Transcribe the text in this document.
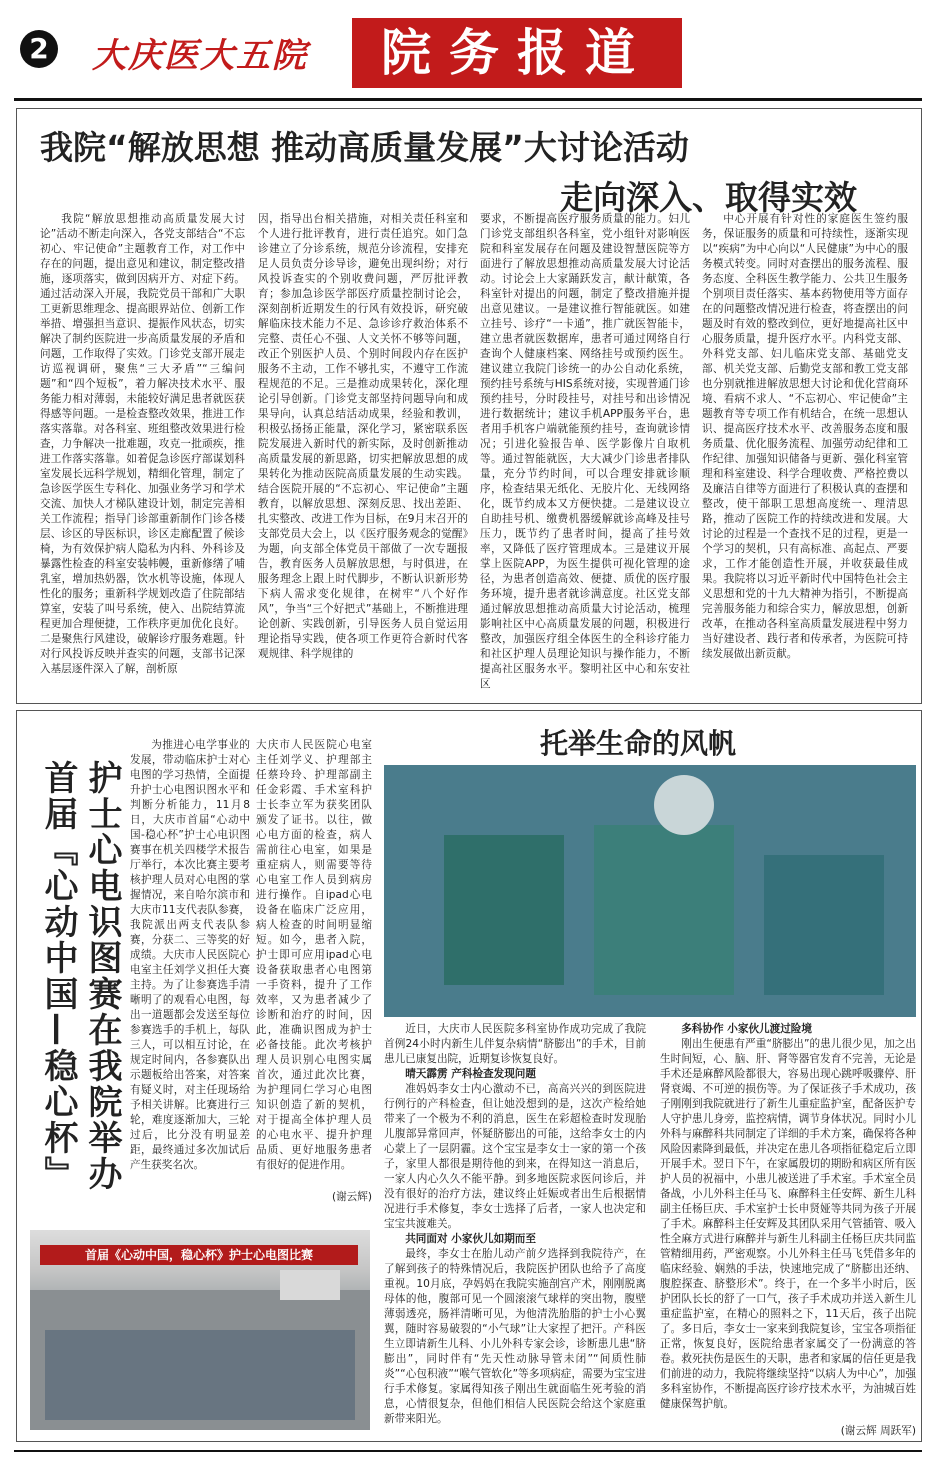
2 大庆医大五院	院务报道
我院“解放思想 推动高质量发展”大讨论活动
走向深入、取得实效

我院“解放思想推动高质量发展大讨论”活动不断走向深入，各党支部结合“不忘初心、牢记使命”主题教育工作，对工作中存在的问题，提出意见和建议，制定整改措施，逐项落实，做到因病开方、对症下药。通过活动深入开展，我院党员干部和广大职工更新思维理念、提高眼界站位、创新工作举措、增强担当意识、提振作风状态，切实解决了制约医院进一步高质量发展的矛盾和问题，工作取得了实效。门诊党支部开展走访巡视调研，聚焦“三大矛盾”“三编问题”和“四个短板”，着力解决技术水平、服务能力相对薄弱，未能较好满足患者就医获得感等问题。一是检查整改效果，推进工作落实落靠。对各科室、班组整改效果进行检查，力争解决一批难题，攻克一批顽疾，推进工作落实落靠。如着促急诊医疗部谋划科室发展长远科学规划，精细化管理，制定了急诊医学医生专科化、加强业务学习和学术交流、加快人才梯队建设计划，制定完善相关工作流程；指导门诊部重新制作门诊各楼层、诊区的导医标识，诊区走廊配置了候诊椅，为有效保护病人隐私为内科、外科诊及暴露性检查的科室安装帏幔，重新修缮了哺乳室，增加热奶器，饮水机等设施，体现人性化的服务；重新科学规划改造了住院部结算室，安装了叫号系统，使入、出院结算流程更加合理便捷，工作秩序更加优化良好。二是聚焦行风建设，破解诊疗服务难题。针对行风投诉反映并查实的问题，支部书记深入基层逐件深入了解，剖析原

因，指导出台相关措施，对相关责任科室和个人进行批评教育，进行责任追究。如门急诊建立了分诊系统，规范分诊流程，安排充足人员负责分诊导诊，避免出现纠纷；对行风投诉查实的个别收费问题，严厉批评教育；参加急诊医学部医疗质量控制讨论会，深刻剖析近期发生的行风有效投诉，研究破解临床技术能力不足、急诊诊疗救治体系不完整、责任心不强、人文关怀不够等问题，改正个别医护人员、个别时间段内存在医护服务不主动，工作不够扎实，不遵守工作流程规范的不足。三是推动成果转化，深化理论引导创新。门诊党支部坚持问题导向和成果导向，认真总结活动成果，经验和教训，积极弘扬扬正能量，深化学习，紧密联系医院发展进入新时代的新实际，及时创新推动高质量发展的新思路，切实把解放思想的成果转化为推动医院高质量发展的生动实践。结合医院开展的“不忘初心、牢记使命”主题教育，以解放思想、深刻反思、找出差距、扎实整改、改进工作为目标，在9月末召开的支部党员大会上，以《医疗服务观念的觉醒》为题，向支部全体党员干部做了一次专题报告，教育医务人员解放思想，与时俱进，在服务理念上跟上时代脚步，不断认识新形势下病人需求变化规律，在树牢“八个好作风”，争当“三个好把式”基础上，不断推进理论创新、实践创新，引导医务人员自觉运用理论指导实践，使各项工作更符合新时代客观规律、科学规律的

要求，不断提高医疗服务质量的能力。妇儿门诊党支部组织各科室，党小组针对影响医院和科室发展存在问题及建设智慧医院等方面进行了解放思想推动高质量发展大讨论活动。讨论会上大家踊跃发言，献计献策，各科室针对提出的问题，制定了整改措施并提出意见建议。一是建议推行智能就医。如建立挂号、诊疗“一卡通”，推广就医智能卡，建立患者就医数据库，患者可通过网络自行查询个人健康档案、网络挂号或预约医生。建议建立我院门诊统一的办公自动化系统，预约挂号系统与HIS系统对接，实现普通门诊预约挂号，分时段挂号，对挂号和出诊情况进行数据统计；建议手机APP服务平台，患者用手机客户端就能预约挂号，查询就诊情况；引进化验报告单、医学影像片自取机等。通过智能就医，大大减少门诊患者排队量，充分节约时间，可以合理安排就诊顺序，检查结果无纸化、无胶片化、无线网络化，既节约成本又方便快捷。二是建议设立自助挂号机、缴费机器缓解就诊高峰及挂号压力，既节约了患者时间，提高了挂号效率，又降低了医疗管理成本。三是建议开展掌上医院APP，为医生提供可视化管理的途径，为患者创造高效、便捷、质优的医疗服务环境，提升患者就诊满意度。社区党支部通过解放思想推动高质量大讨论活动，梳理影响社区中心高质量发展的问题，积极进行整改，加强医疗组全体医生的全科诊疗能力和社区护理人员理论知识与操作能力，不断提高社区服务水平。黎明社区中心和东安社区

中心开展有针对性的家庭医生签约服务，保证服务的质量和可持续性，逐渐实现以“疾病”为中心向以“人民健康”为中心的服务模式转变。同时对查摆出的服务流程、服务态度、全科医生教学能力、公共卫生服务个别项目责任落实、基本药物使用等方面存在的问题整改情况进行检查，将查摆出的问题及时有效的整改到位，更好地提高社区中心服务质量，提升医疗水平。内科党支部、外科党支部、妇儿临床党支部、基础党支部、机关党支部、后勤党支部和教工党支部也分别就推进解放思想大讨论和优化营商环境、看病不求人、“不忘初心、牢记使命”主题教育等专项工作有机结合，在统一思想认识、提高医疗技术水平、改善服务态度和服务质量、优化服务流程、加强劳动纪律和工作纪律、加强知识储备与更新、强化科室管理和科室建设、科学合理收费、严格控费以及廉洁自律等方面进行了积极认真的查摆和整改，使干部职工思想高度统一、理清思路，推动了医院工作的持续改进和发展。大讨论的过程是一个查找不足的过程，更是一个学习的契机，只有高标准、高起点、严要求，工作才能创造性开展，并收获最佳成果。我院将以习近平新时代中国特色社会主义思想和党的十九大精神为指引，不断提高完善服务能力和综合实力，解放思想，创新改革，在推动各科室高质量发展进程中努力当好建设者、践行者和传承者，为医院可持续发展做出新贡献。

护士心电识图赛在我院举办首届『心动中国—稳心杯』

为推进心电学事业的发展，带动临床护士对心电图的学习热情，全面提升护士心电图识图水平和判断分析能力，11月8日，大庆市首届“心动中国-稳心杯”护士心电识图赛事在机关四楼学术报告厅举行，本次比赛主要考核护理人员对心电图的掌握情况，来自哈尔滨市和大庆市11支代表队参赛，我院派出两支代表队参赛，分获二、三等奖的好成绩。大庆市人民医院心电室主任刘学义担任大赛主持。为了让参赛选手清晰明了的观看心电图，每出一道题都会发送至每位参赛选手的手机上，每队三人，可以相互讨论，在规定时间内，各参赛队出示题板给出答案，对答案有疑义时，对主任现场给予相关讲解。比赛进行三轮，难度逐渐加大，三轮过后，比分没有明显差距，最终通过多次加试后产生获奖名次。

大庆市人民医院心电室主任刘学义、护理部主任蔡玲玲、护理部副主任金彩霞、手术室科护士长李立军为获奖团队颁发了证书。以往，做心电方面的检查，病人需前往心电室，如果是重症病人，则需要等待心电室工作人员到病房进行操作。自ipad心电设备在临床广泛应用，病人检查的时间明显缩短。如今，患者入院，护士即可应用ipad心电设备获取患者心电图第一手资料，提升了工作效率，又为患者减少了诊断和治疗的时间，因此，准确识图成为护士必备技能。此次考核护理人员识别心电图实属首次，通过此次比赛，为护理同仁学习心电图知识创造了新的契机，对于提高全体护理人员的心电水平、提升护理品质、更好地服务患者有很好的促进作用。

(谢云辉)
首届《心动中国，稳心杯》护士心电图比赛
托举生命的风帆

近日，大庆市人民医院多科室协作成功完成了我院首例24小时内新生儿伴复杂病情“脐膨出”的手术，目前患儿已康复出院，近期复诊恢复良好。

晴天霹雳 产科检查发现问题

准妈妈李女士内心激动不已，高高兴兴的到医院进行例行的产科检查，但让她没想到的是，这次产检给她带来了一个极为不利的消息，医生在彩超检查时发现胎儿腹部异常回声，怀疑脐膨出的可能，这给李女士的内心蒙上了一层阴霾。这个宝宝是李女士一家的第一个孩子，家里人都很是期待他的到来，在得知这一消息后，一家人内心久久不能平静。到多地医院求医问诊后，并没有很好的治疗方法，建议终止妊娠或者出生后根据情况进行手术修复，李女士选择了后者，一家人也决定和宝宝共渡难关。

共同面对 小家伙儿如期而至

最终，李女士在胎儿动产前夕选择到我院待产，在了解到孩子的特殊情况后，我院医护团队也给予了高度重视。10月底，孕妈妈在我院实施剖宫产术，刚刚脱离母体的他，腹部可见一个圆滚滚气球样的突出物，腹壁薄弱透亮，肠袢清晰可见，为他清洗胎脂的护士小心翼翼，随时容易破裂的“小气球”让大家捏了把汗。产科医生立即请新生儿科、小儿外科专家会诊，诊断患儿患“脐膨出”，同时伴有“先天性动脉导管未闭”“间质性肺炎”“心包积液”“喉气管软化”等多项病症，需要为宝宝进行手术修复。家属得知孩子刚出生就面临生死考验的消息，心情很复杂，但他们相信人民医院会给这个家庭重新带来阳光。

多科协作 小家伙儿渡过险境

刚出生便患有严重“脐膨出”的患儿很少见，加之出生时间短，心、脑、肝、肾等器官发育不完善，无论是手术还是麻醉风险都很大，容易出现心跳呼吸骤停、肝肾衰竭、不可逆的损伤等。为了保证孩子手术成功，孩子刚刚到我院就进行了新生儿重症监护室，配备医护专人守护患儿身旁，监控病情，调节身体状况。同时小儿外科与麻醉科共同制定了详细的手术方案，确保将各种风险因素降到最低，并决定在患儿各项指征稳定后立即开展手术。翌日下午，在家属殷切的期盼和病区所有医护人员的祝福中，小患儿被送进了手术室。手术室全员备战，小儿外科主任马飞、麻醉科主任安辉、新生儿科副主任杨巨庆、手术室护士长申贤娅等共同为孩子开展了手术。麻醉科主任安辉及其团队采用气管插管、吸入性全麻方式进行麻醉并与新生儿科副主任杨巨庆共同监管精细用药，严密观察。小儿外科主任马飞凭借多年的临床经验、娴熟的手法，快速地完成了“脐膨出还纳、腹腔探查、脐整形术”。终于，在一个多半小时后，医护团队长长的舒了一口气，孩子手术成功并送入新生儿重症监护室，在精心的照料之下，11天后，孩子出院了。多日后，李女士一家来到我院复诊，宝宝各项指征正常，恢复良好，医院给患者家属交了一份满意的答卷。救死扶伤是医生的天职，患者和家属的信任更是我们前进的动力，我院将继续坚持“以病人为中心”，加强多科室协作，不断提高医疗诊疗技术水平，为油城百姓健康保驾护航。

(谢云辉 周跃军)
